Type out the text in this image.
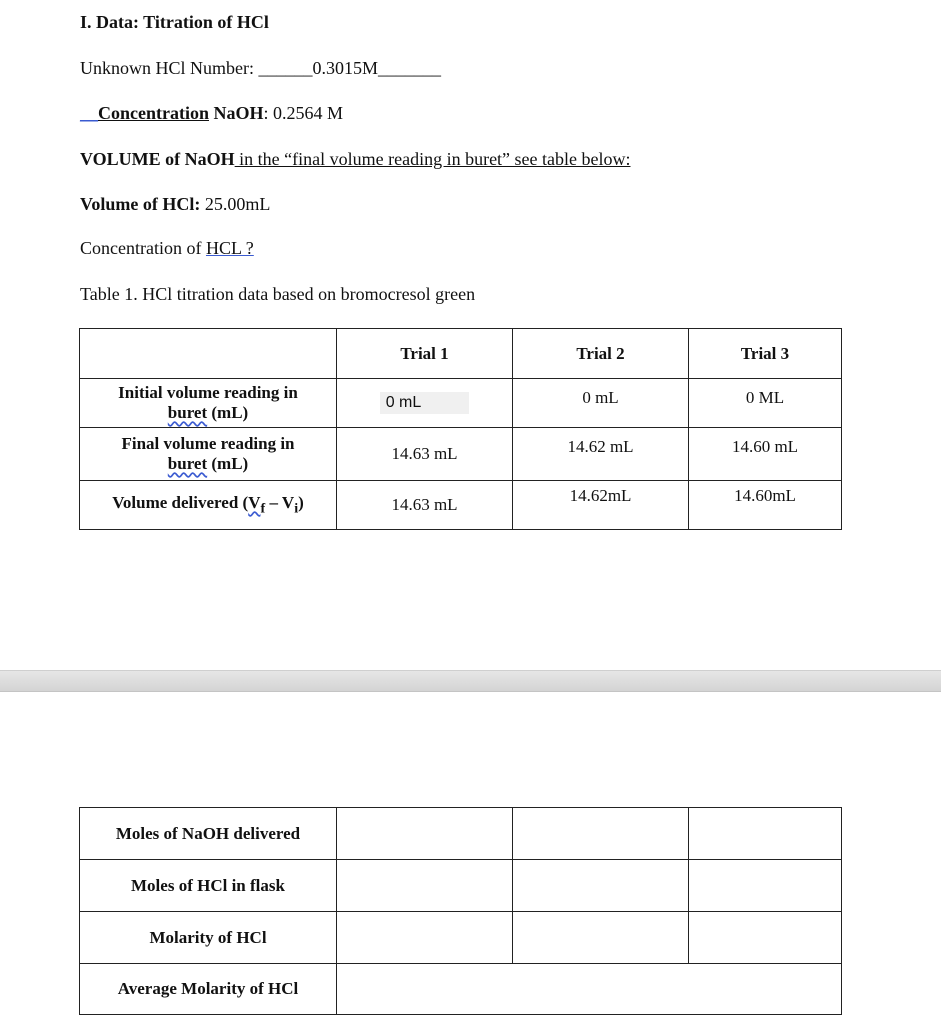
I. Data: Titration of HCl
Unknown HCl Number: ______0.3015M_______
__Concentration NaOH: 0.2564 M
VOLUME of NaOH in the “final volume reading in buret” see table below:
Volume of HCl: 25.00mL
Concentration of HCL ?
Table 1. HCl titration data based on bromocresol green
	Trial 1	Trial 2	Trial 3

Initial volume reading in
buret (mL)	0 mL	0 mL	0 ML

Final volume reading in
buret (mL)	14.63 mL	14.62 mL	14.60 mL
Volume delivered $(V_f - V_i)$	14.63 mL	14.62mL	14.60mL
Moles of NaOH delivered			
Moles of HCl in flask			
Molarity of HCl			
Average Molarity of HCl			
